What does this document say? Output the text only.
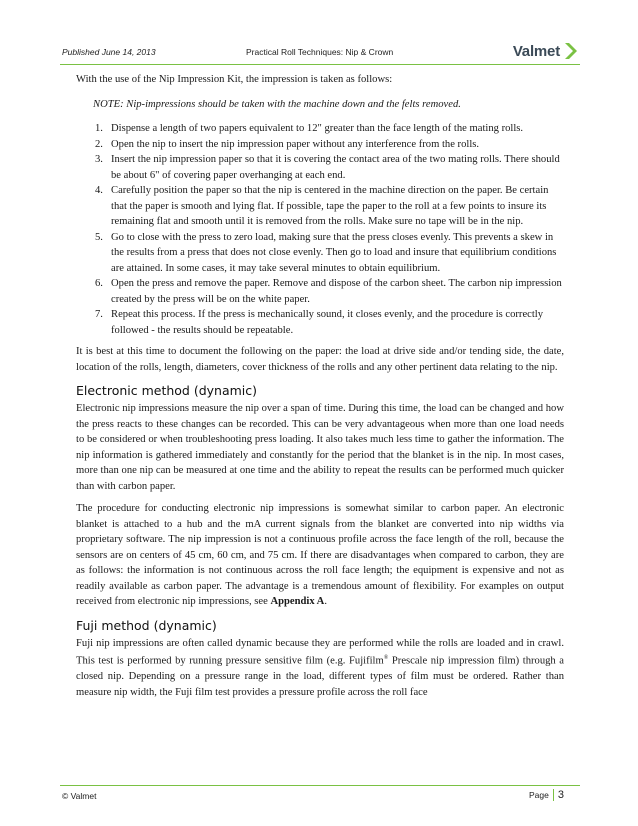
Published June 14, 2013	Practical Roll Techniques: Nip & Crown	Valmet

With the use of the Nip Impression Kit, the impression is taken as follows:

NOTE: Nip-impressions should be taken with the machine down and the felts removed.

1. Dispense a length of two papers equivalent to 12" greater than the face length of the mating rolls.
2. Open the nip to insert the nip impression paper without any interference from the rolls.
3. Insert the nip impression paper so that it is covering the contact area of the two mating rolls. There should be about 6" of covering paper overhanging at each end.
4. Carefully position the paper so that the nip is centered in the machine direction on the paper. Be certain that the paper is smooth and lying flat. If possible, tape the paper to the roll at a few points to insure its remaining flat and smooth until it is removed from the rolls. Make sure no tape will be in the nip.
5. Go to close with the press to zero load, making sure that the press closes evenly. This prevents a skew in the results from a press that does not close evenly. Then go to load and insure that equilibrium conditions are attained. In some cases, it may take several minutes to obtain equilibrium.
6. Open the press and remove the paper. Remove and dispose of the carbon sheet. The carbon nip impression created by the press will be on the white paper.
7. Repeat this process. If the press is mechanically sound, it closes evenly, and the procedure is correctly followed - the results should be repeatable.

It is best at this time to document the following on the paper: the load at drive side and/or tending side, the date, location of the rolls, length, diameters, cover thickness of the rolls and any other pertinent data relating to the nip.

Electronic method (dynamic)

Electronic nip impressions measure the nip over a span of time. During this time, the load can be changed and how the press reacts to these changes can be recorded. This can be very advantageous when more than one load needs to be considered or when troubleshooting press loading. It also takes much less time to gather the information. The nip information is gathered immediately and constantly for the period that the blanket is in the nip. In most cases, more than one nip can be measured at one time and the ability to repeat the results can be performed much quicker than with carbon paper.

The procedure for conducting electronic nip impressions is somewhat similar to carbon paper. An electronic blanket is attached to a hub and the mA current signals from the blanket are converted into nip widths via proprietary software. The nip impression is not a continuous profile across the face length of the roll, because the sensors are on centers of 45 cm, 60 cm, and 75 cm. If there are disadvantages when compared to carbon, they are as follows: the information is not continuous across the roll face length; the equipment is expensive and not as readily available as carbon paper. The advantage is a tremendous amount of flexibility. For examples on output received from electronic nip impressions, see Appendix A.

Fuji method (dynamic)

Fuji nip impressions are often called dynamic because they are performed while the rolls are loaded and in crawl. This test is performed by running pressure sensitive film (e.g. Fujifilm® Prescale nip impression film) through a closed nip. Depending on a pressure range in the load, different types of film must be ordered. Rather than measure nip width, the Fuji film test provides a pressure profile across the roll face

© Valmet	Page 3
